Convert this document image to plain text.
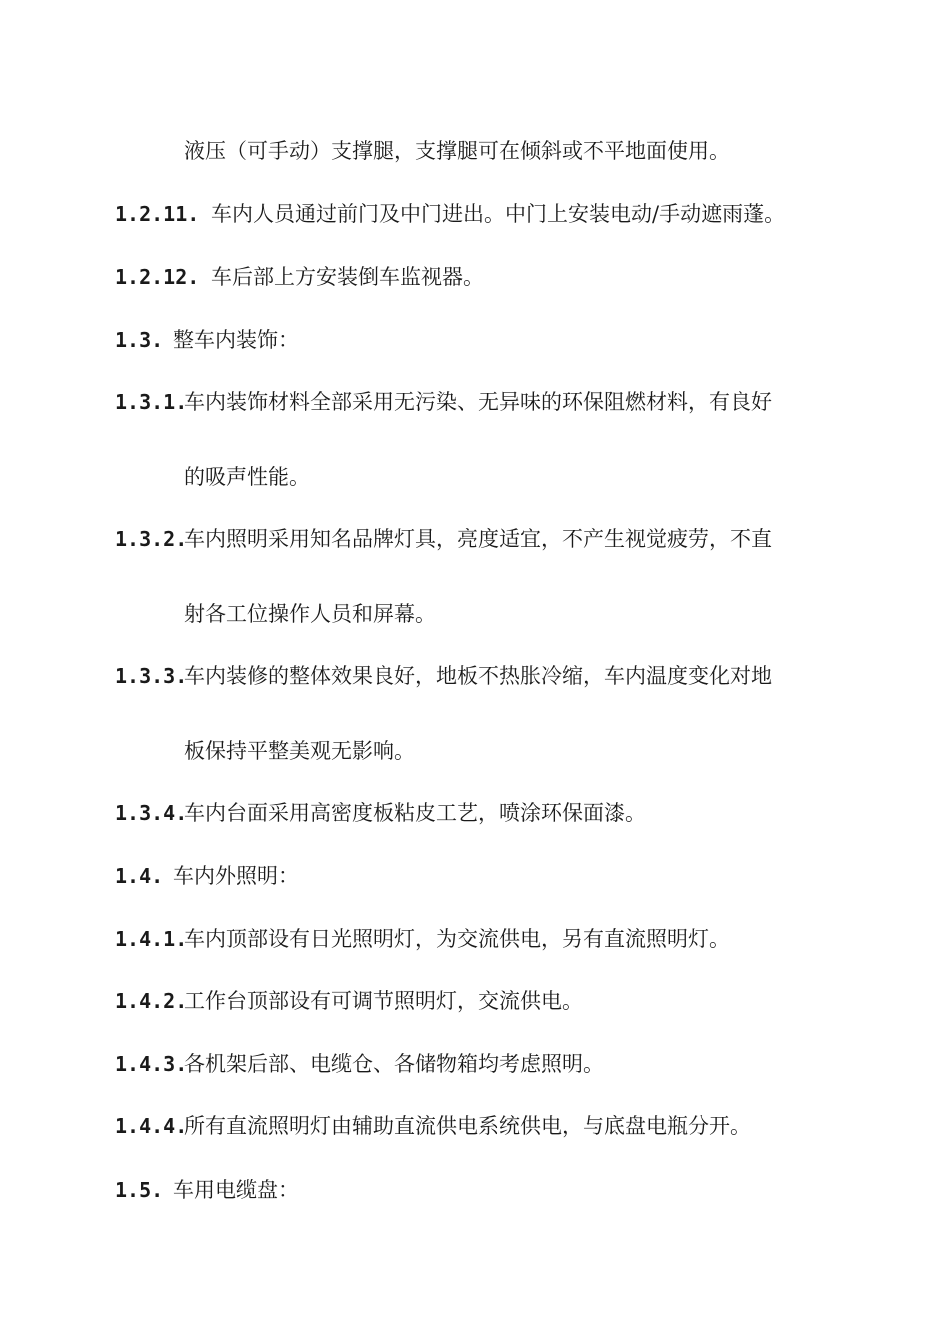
液压（可手动）支撑腿，支撑腿可在倾斜或不平地面使用。
1.2.11. 车内人员通过前门及中门进出。中门上安装电动/手动遮雨蓬。
1.2.12. 车后部上方安装倒车监视器。
1.3. 整车内装饰：
1.3.1.车内装饰材料全部采用无污染、无异味的环保阻燃材料，有良好
的吸声性能。
1.3.2.车内照明采用知名品牌灯具，亮度适宜，不产生视觉疲劳，不直
射各工位操作人员和屏幕。
1.3.3.车内装修的整体效果良好，地板不热胀冷缩，车内温度变化对地
板保持平整美观无影响。
1.3.4.车内台面采用高密度板粘皮工艺，喷涂环保面漆。
1.4. 车内外照明：
1.4.1.车内顶部设有日光照明灯，为交流供电，另有直流照明灯。
1.4.2.工作台顶部设有可调节照明灯，交流供电。
1.4.3.各机架后部、电缆仓、各储物箱均考虑照明。
1.4.4.所有直流照明灯由辅助直流供电系统供电，与底盘电瓶分开。
1.5. 车用电缆盘：
